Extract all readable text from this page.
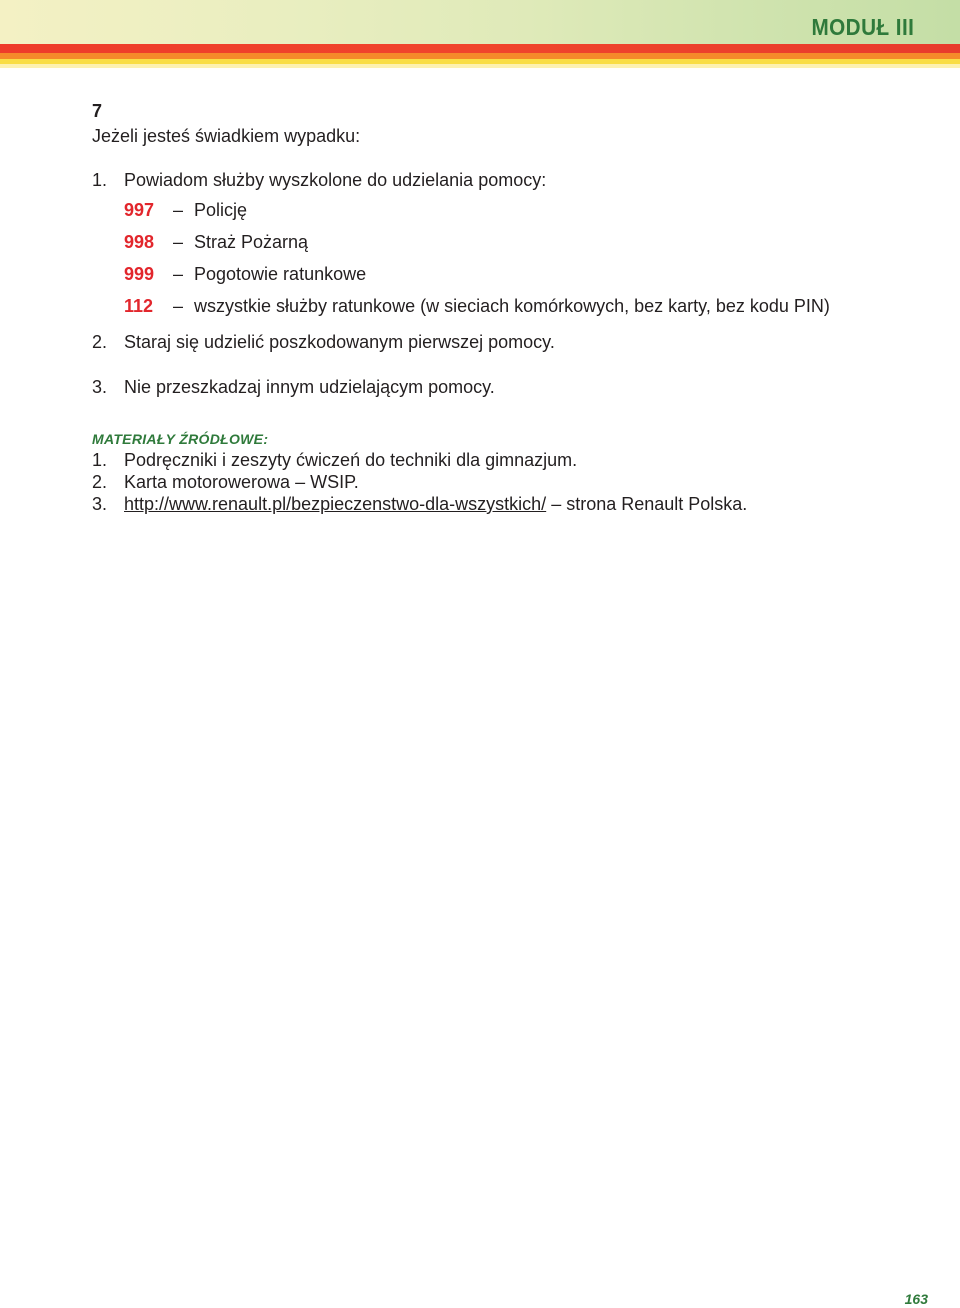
MODUŁ III
7
Jeżeli jesteś świadkiem wypadku:
1. Powiadom służby wyszkolone do udzielania pomocy:
997	– Policję
998	– Straż Pożarną
999	– Pogotowie ratunkowe
112	– wszystkie służby ratunkowe (w sieciach komórkowych, bez karty, bez kodu PIN)
2. Staraj się udzielić poszkodowanym pierwszej pomocy.
3. Nie przeszkadzaj innym udzielającym pomocy.
MATERIAŁY ŹRÓDŁOWE:
1. Podręczniki i zeszyty ćwiczeń do techniki dla gimnazjum.
2. Karta motorowerowa – WSIP.
3. http://www.renault.pl/bezpieczenstwo-dla-wszystkich/ – strona Renault Polska.

163
